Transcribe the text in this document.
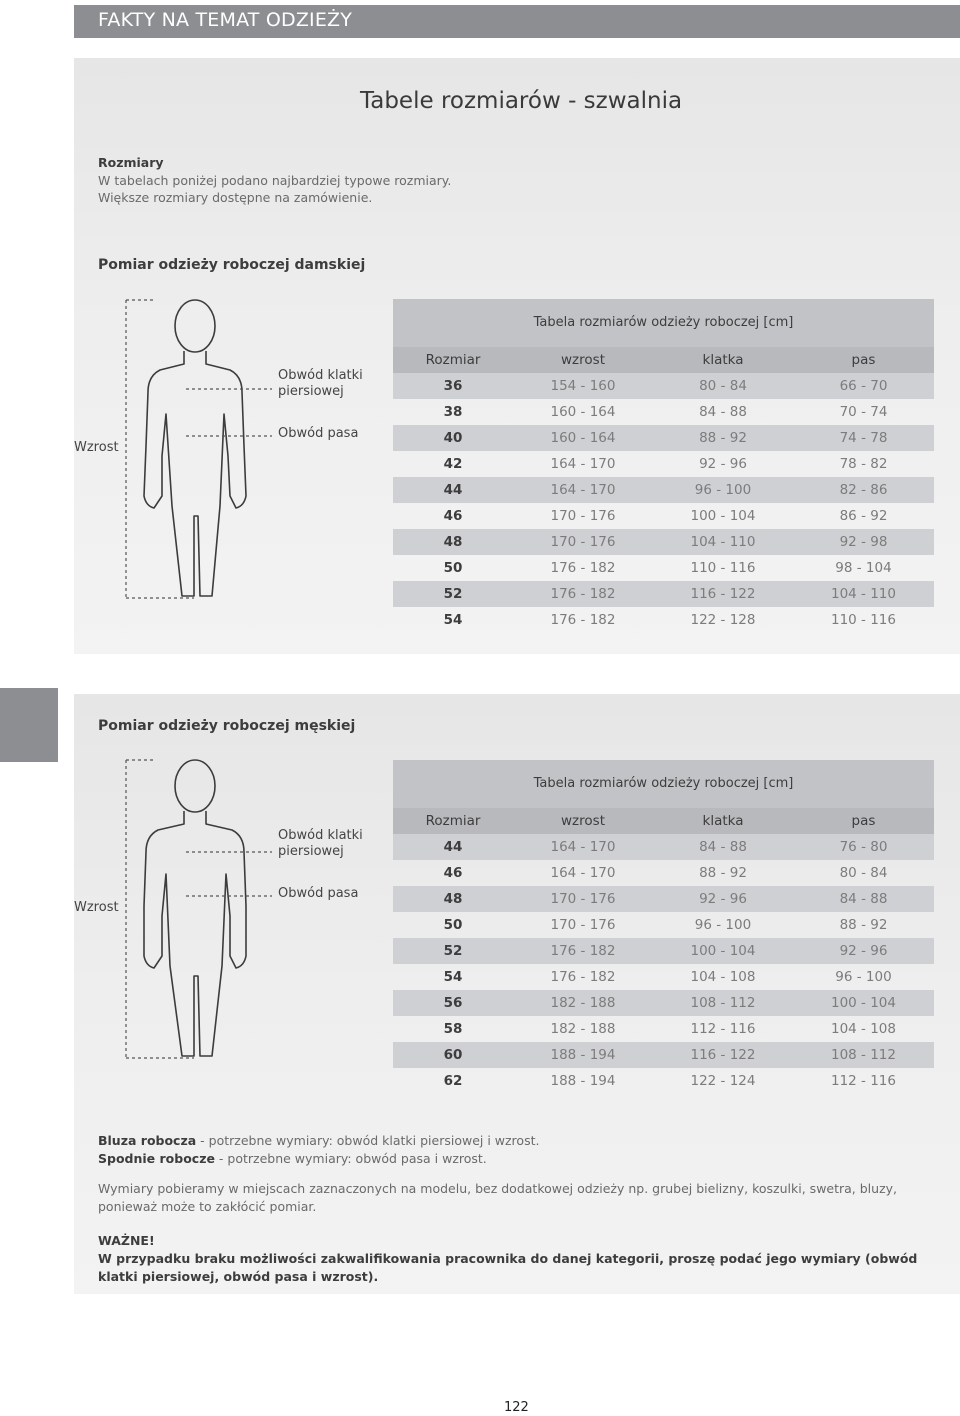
FAKTY NA TEMAT ODZIEŻY
Tabele rozmiarów - szwalnia
Rozmiary
W tabelach poniżej podano najbardziej typowe rozmiary.
Większe rozmiary dostępne na zamówienie.
Pomiar odzieży roboczej damskiej
Wzrost
Obwód klatki
piersiowej
Obwód pasa
Tabela rozmiarów odzieży roboczej [cm]
Rozmiar	wzrost	klatka	pas
36	154 - 160	80 - 84	66 - 70
38	160 - 164	84 - 88	70 - 74
40	160 - 164	88 - 92	74 - 78
42	164 - 170	92 - 96	78 - 82
44	164 - 170	96 - 100	82 - 86
46	170 - 176	100 - 104	86 - 92
48	170 - 176	104 - 110	92 - 98
50	176 - 182	110 - 116	98 - 104
52	176 - 182	116 - 122	104 - 110
54	176 - 182	122 - 128	110 - 116
Pomiar odzieży roboczej męskiej
Wzrost
Obwód klatki
piersiowej
Obwód pasa
Tabela rozmiarów odzieży roboczej [cm]
Rozmiar	wzrost	klatka	pas
44	164 - 170	84 - 88	76 - 80
46	164 - 170	88 - 92	80 - 84
48	170 - 176	92 - 96	84 - 88
50	170 - 176	96 - 100	88 - 92
52	176 - 182	100 - 104	92 - 96
54	176 - 182	104 - 108	96 - 100
56	182 - 188	108 - 112	100 - 104
58	182 - 188	112 - 116	104 - 108
60	188 - 194	116 - 122	108 - 112
62	188 - 194	122 - 124	112 - 116

Bluza robocza - potrzebne wymiary: obwód klatki piersiowej i wzrost.

Spodnie robocze - potrzebne wymiary: obwód pasa i wzrost.

Wymiary pobieramy w miejscach zaznaczonych na modelu, bez dodatkowej odzieży np. grubej bielizny, koszulki, swetra, bluzy, ponieważ może to zakłócić pomiar.

WAŻNE!

W przypadku braku możliwości zakwalifikowania pracownika do danej kategorii, proszę podać jego wymiary (obwód klatki piersiowej, obwód pasa i wzrost).

122
